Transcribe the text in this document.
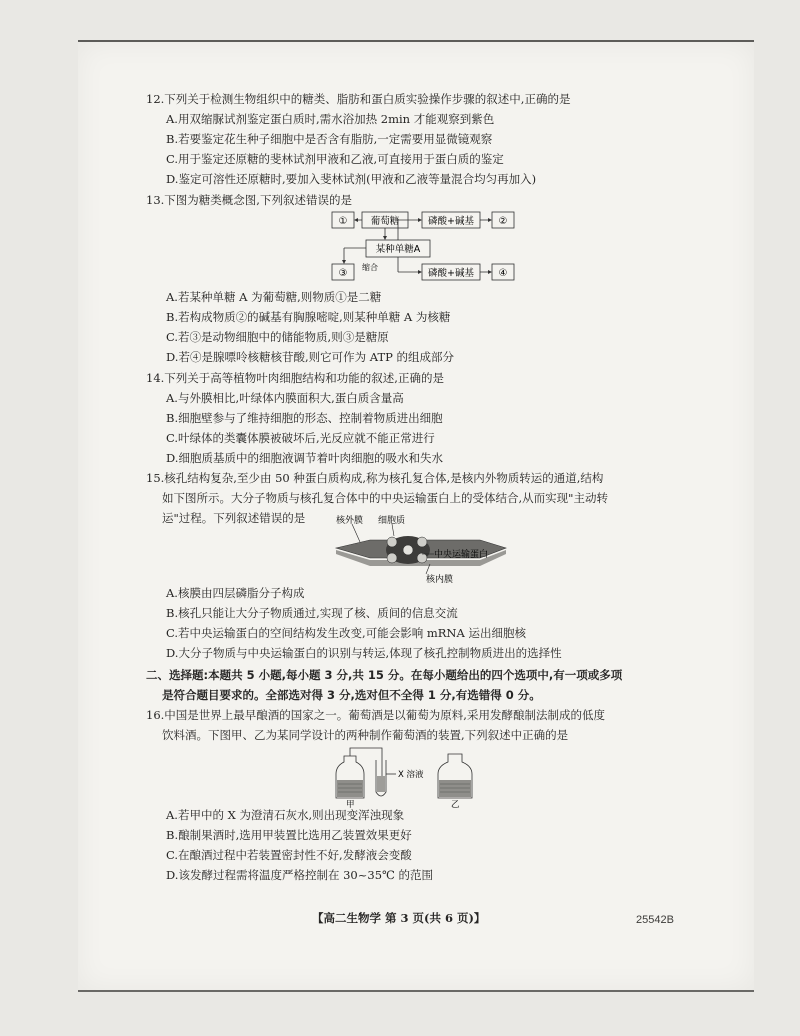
12.下列关于检测生物组织中的糖类、脂肪和蛋白质实验操作步骤的叙述中,正确的是
A.用双缩脲试剂鉴定蛋白质时,需水浴加热 2min 才能观察到紫色
B.若要鉴定花生种子细胞中是否含有脂肪,一定需要用显微镜观察
C.用于鉴定还原糖的斐林试剂甲液和乙液,可直接用于蛋白质的鉴定
D.鉴定可溶性还原糖时,要加入斐林试剂(甲液和乙液等量混合均匀再加入)
13.下图为糖类概念图,下列叙述错误的是
① 葡萄糖	磷酸+碱基 ②
某种单糖A
③
缩合
磷酸+碱基 ④
A.若某种单糖 A 为葡萄糖,则物质①是二糖
B.若构成物质②的碱基有胸腺嘧啶,则某种单糖 A 为核糖
C.若③是动物细胞中的储能物质,则③是糖原
D.若④是腺嘌呤核糖核苷酸,则它可作为 ATP 的组成部分
14.下列关于高等植物叶肉细胞结构和功能的叙述,正确的是
A.与外膜相比,叶绿体内膜面积大,蛋白质含量高
B.细胞壁参与了维持细胞的形态、控制着物质进出细胞
C.叶绿体的类囊体膜被破坏后,光反应就不能正常进行
D.细胞质基质中的细胞液调节着叶肉细胞的吸水和失水
15.核孔结构复杂,至少由 50 种蛋白质构成,称为核孔复合体,是核内外物质转运的通道,结构
如下图所示。大分子物质与核孔复合体中的中央运输蛋白上的受体结合,从而实现"主动转
运"过程。下列叙述错误的是	核外膜 细胞质
中央运输蛋白
核内膜
A.核膜由四层磷脂分子构成
B.核孔只能让大分子物质通过,实现了核、质间的信息交流
C.若中央运输蛋白的空间结构发生改变,可能会影响 mRNA 运出细胞核
D.大分子物质与中央运输蛋白的识别与转运,体现了核孔控制物质进出的选择性
二、选择题:本题共 5 小题,每小题 3 分,共 15 分。在每小题给出的四个选项中,有一项或多项
是符合题目要求的。全部选对得 3 分,选对但不全得 1 分,有选错得 0 分。
16.中国是世界上最早酿酒的国家之一。葡萄酒是以葡萄为原料,采用发酵酿制法制成的低度
饮料酒。下图甲、乙为某同学设计的两种制作葡萄酒的装置,下列叙述中正确的是
X 溶液
甲	乙
A.若甲中的 X 为澄清石灰水,则出现变浑浊现象
B.酿制果酒时,选用甲装置比选用乙装置效果更好
C.在酿酒过程中若装置密封性不好,发酵液会变酸
D.该发酵过程需将温度严格控制在 30~35℃ 的范围
【高二生物学 第 3 页(共 6 页)】	25542B
